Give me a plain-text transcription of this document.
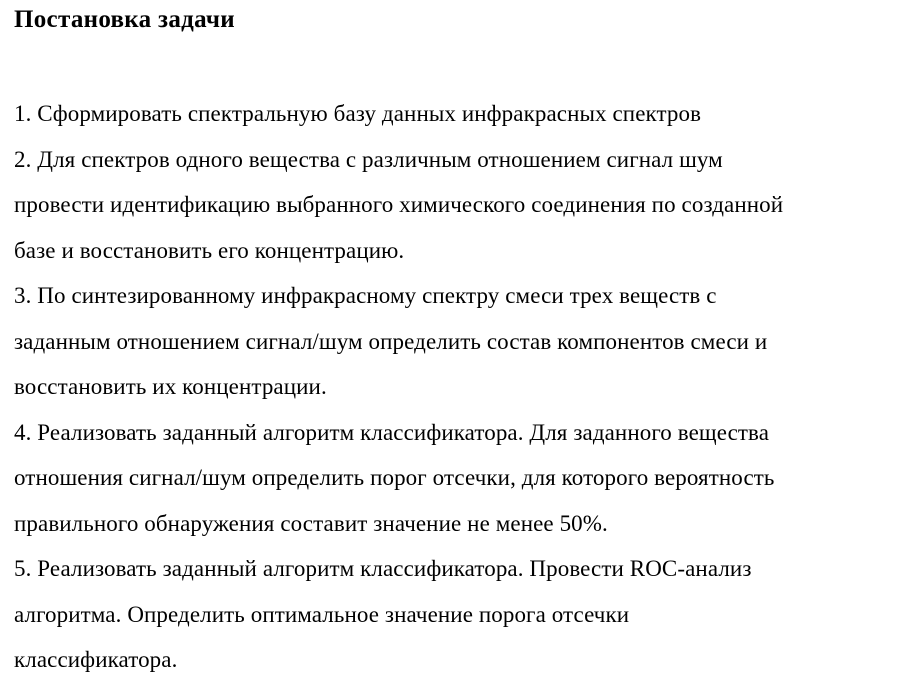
Постановка задачи
1. Сформировать спектральную базу данных инфракрасных спектров
2. Для спектров одного вещества с различным отношением сигнал шум
провести идентификацию выбранного химического соединения по созданной
базе и восстановить его концентрацию.
3. По синтезированному инфракрасному спектру смеси трех веществ с
заданным отношением сигнал/шум определить состав компонентов смеси и
восстановить их концентрации.
4. Реализовать заданный алгоритм классификатора. Для заданного вещества
отношения сигнал/шум определить порог отсечки, для которого вероятность
правильного обнаружения составит значение не менее 50%.
5. Реализовать заданный алгоритм классификатора. Провести ROC-анализ
алгоритма. Определить оптимальное значение порога отсечки
классификатора.
